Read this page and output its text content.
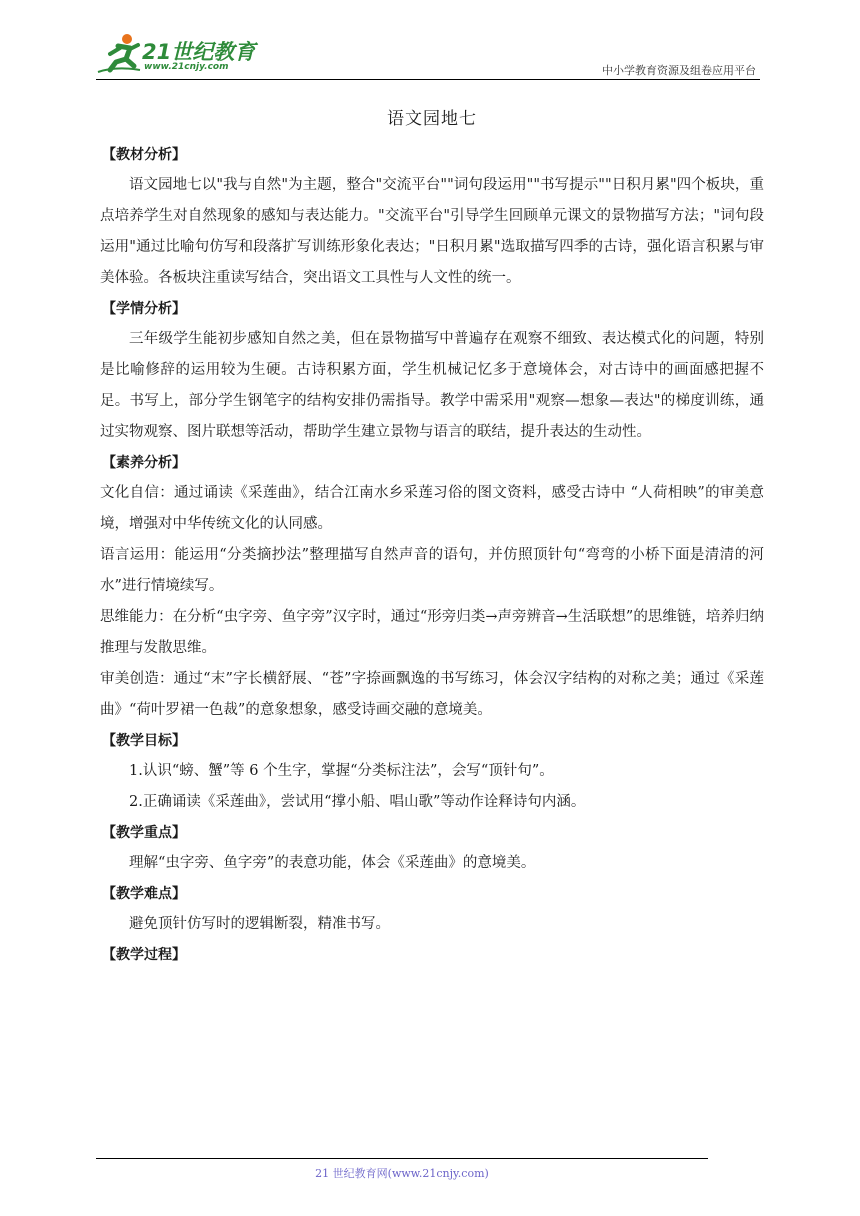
21世纪教育
www.21cnjy.com	中小学教育资源及组卷应用平台
语文园地七
【教材分析】

语文园地七以"我与自然"为主题，整合"交流平台""词句段运用""书写提示""日积月累"四个板块，重点培养学生对自然现象的感知与表达能力。"交流平台"引导学生回顾单元课文的景物描写方法；"词句段运用"通过比喻句仿写和段落扩写训练形象化表达；"日积月累"选取描写四季的古诗，强化语言积累与审美体验。各板块注重读写结合，突出语文工具性与人文性的统一。

【学情分析】

三年级学生能初步感知自然之美，但在景物描写中普遍存在观察不细致、表达模式化的问题，特别是比喻修辞的运用较为生硬。古诗积累方面，学生机械记忆多于意境体会，对古诗中的画面感把握不足。书写上，部分学生钢笔字的结构安排仍需指导。教学中需采用"观察—想象—表达"的梯度训练，通过实物观察、图片联想等活动，帮助学生建立景物与语言的联结，提升表达的生动性。

【素养分析】

文化自信：通过诵读《采莲曲》，结合江南水乡采莲习俗的图文资料，感受古诗中 “人荷相映”的审美意境，增强对中华传统文化的认同感。

语言运用：能运用“分类摘抄法”整理描写自然声音的语句，并仿照顶针句“弯弯的小桥下面是清清的河水”进行情境续写。

思维能力：在分析“虫字旁、鱼字旁”汉字时，通过“形旁归类→声旁辨音→生活联想”的思维链，培养归纳推理与发散思维。

审美创造：通过“末”字长横舒展、“苍”字捺画飘逸的书写练习，体会汉字结构的对称之美；通过《采莲曲》“荷叶罗裙一色裁”的意象想象，感受诗画交融的意境美。

【教学目标】

1.认识“螃、蟹”等 6 个生字，掌握“分类标注法”，会写“顶针句”。

2.正确诵读《采莲曲》，尝试用“撑小船、唱山歌”等动作诠释诗句内涵。

【教学重点】

理解“虫字旁、鱼字旁”的表意功能，体会《采莲曲》的意境美。

【教学难点】

避免顶针仿写时的逻辑断裂，精准书写。

【教学过程】
21 世纪教育网(www.21cnjy.com)
